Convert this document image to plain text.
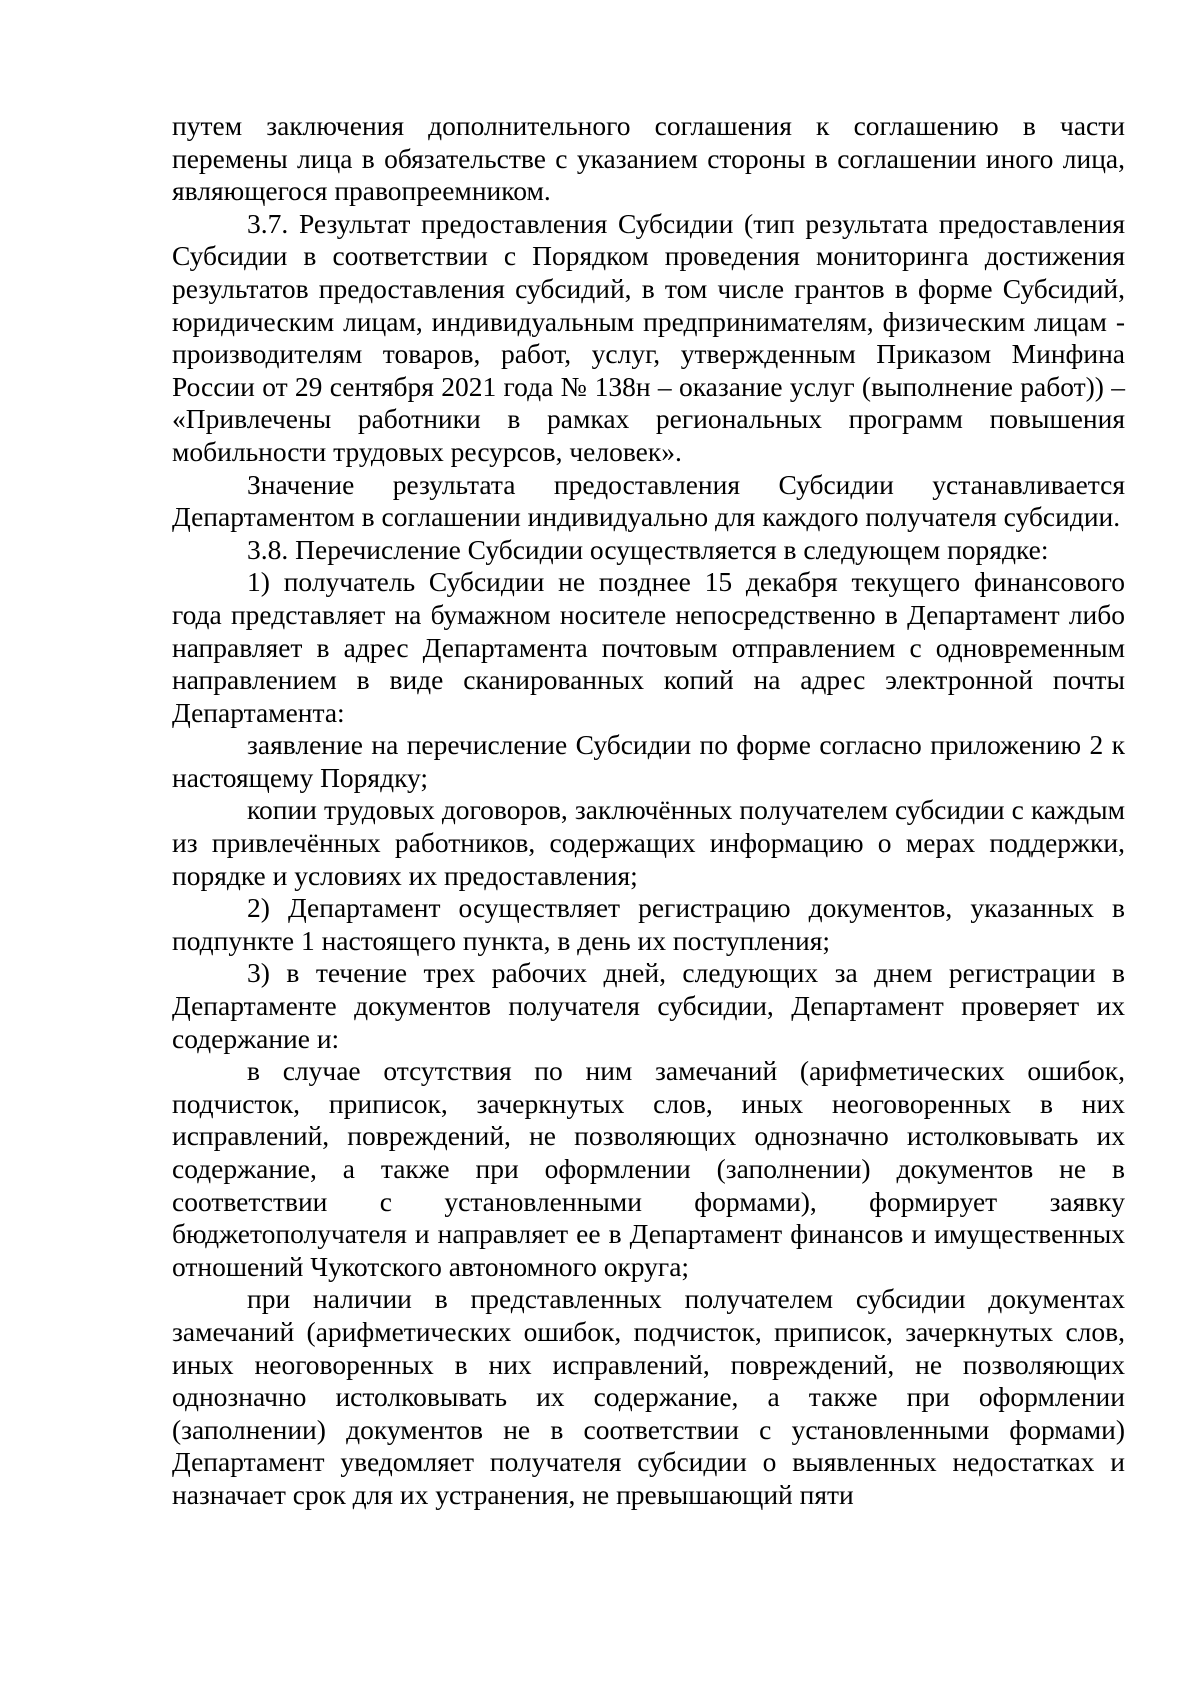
путем заключения дополнительного соглашения к соглашению в части перемены лица в обязательстве с указанием стороны в соглашении иного лица, являющегося правопреемником.

3.7. Результат предоставления Субсидии (тип результата предоставления Субсидии в соответствии с Порядком проведения мониторинга достижения результатов предоставления субсидий, в том числе грантов в форме Субсидий, юридическим лицам, индивидуальным предпринимателям, физическим лицам - производителям товаров, работ, услуг, утвержденным Приказом Минфина России от 29 сентября 2021 года № 138н – оказание услуг (выполнение работ)) – «Привлечены работники в рамках региональных программ повышения мобильности трудовых ресурсов, человек».

Значение результата предоставления Субсидии устанавливается Департаментом в соглашении индивидуально для каждого получателя субсидии.

3.8. Перечисление Субсидии осуществляется в следующем порядке:

1) получатель Субсидии не позднее 15 декабря текущего финансового года представляет на бумажном носителе непосредственно в Департамент либо направляет в адрес Департамента почтовым отправлением с одновременным направлением в виде сканированных копий на адрес электронной почты Департамента:

заявление на перечисление Субсидии по форме согласно приложению 2 к настоящему Порядку;

копии трудовых договоров, заключённых получателем субсидии с каждым из привлечённых работников, содержащих информацию о мерах поддержки, порядке и условиях их предоставления;

2) Департамент осуществляет регистрацию документов, указанных в подпункте 1 настоящего пункта, в день их поступления;

3) в течение трех рабочих дней, следующих за днем регистрации в Департаменте документов получателя субсидии, Департамент проверяет их содержание и:

в случае отсутствия по ним замечаний (арифметических ошибок, подчисток, приписок, зачеркнутых слов, иных неоговоренных в них исправлений, повреждений, не позволяющих однозначно истолковывать их содержание, а также при оформлении (заполнении) документов не в соответствии с установленными формами), формирует заявку бюджетополучателя и направляет ее в Департамент финансов и имущественных отношений Чукотского автономного округа;

при наличии в представленных получателем субсидии документах замечаний (арифметических ошибок, подчисток, приписок, зачеркнутых слов, иных неоговоренных в них исправлений, повреждений, не позволяющих однозначно истолковывать их содержание, а также при оформлении (заполнении) документов не в соответствии с установленными формами) Департамент уведомляет получателя субсидии о выявленных недостатках и назначает срок для их устранения, не превышающий пяти
